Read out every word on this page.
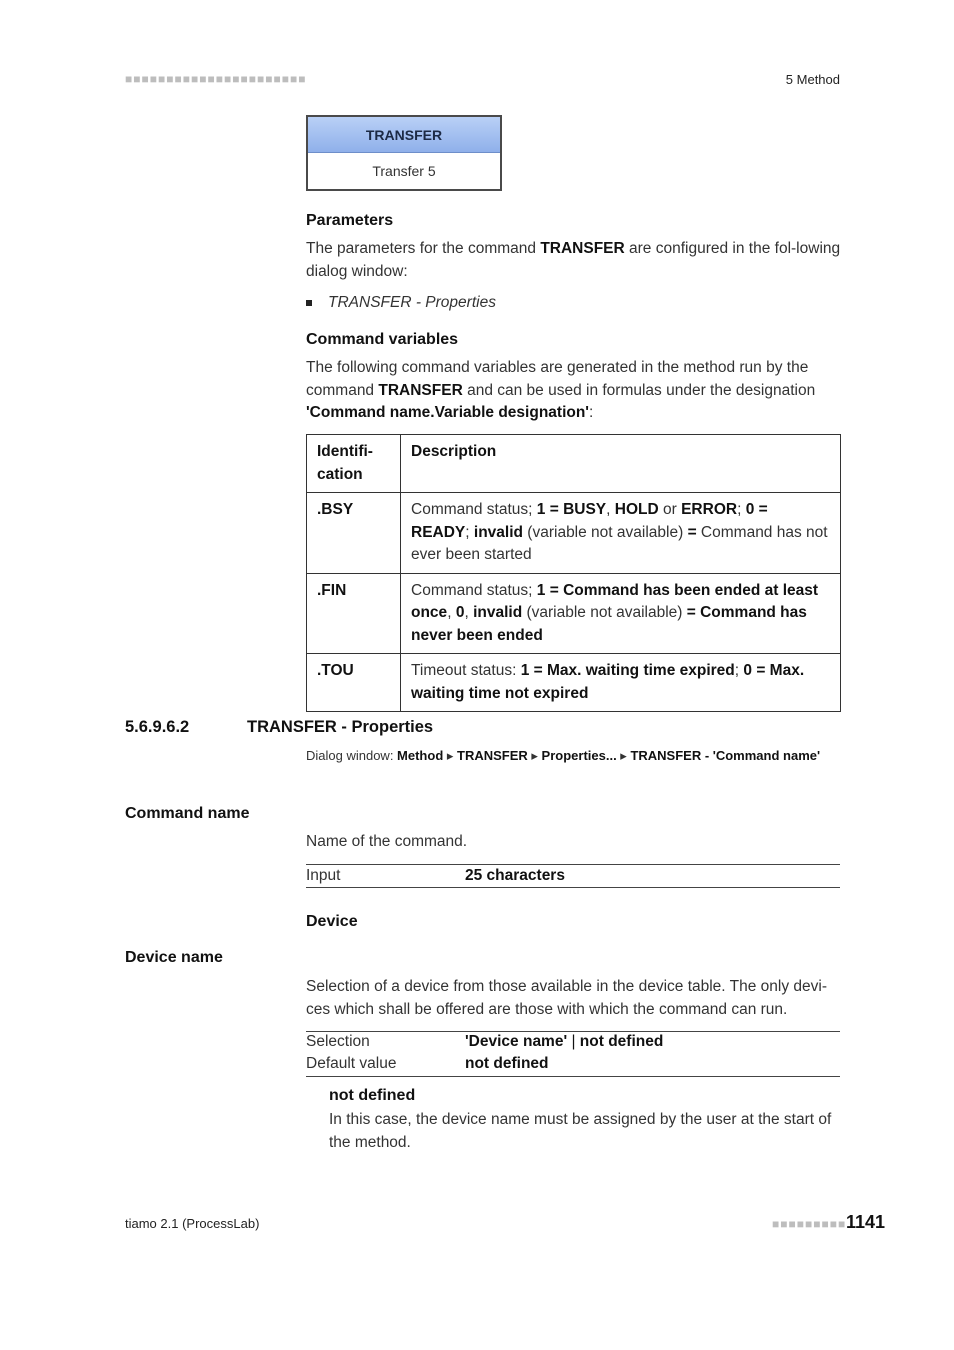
■■■■■■■■■■■■■■■■■■■■■■	5 Method
TRANSFER
Transfer 5
Parameters
The parameters for the command TRANSFER are configured in the fol-lowing dialog window:
TRANSFER - Properties
Command variables
The following command variables are generated in the method run by the command TRANSFER and can be used in formulas under the designation 'Command name.Variable designation':
Identifi-cation	Description
.BSY	Command status; 1 = BUSY, HOLD or ERROR; 0 = READY; invalid (variable not available) = Command has not ever been started
.FIN	Command status; 1 = Command has been ended at least once, 0, invalid (variable not available) = Command has never been ended
.TOU	Timeout status: 1 = Max. waiting time expired; 0 = Max. waiting time not expired
5.6.9.6.2	TRANSFER - Properties
Dialog window: Method ▸ TRANSFER ▸ Properties... ▸ TRANSFER - 'Command name'
Command name
Name of the command.
Input	25 characters
Device
Device name
Selection of a device from those available in the device table. The only devi-ces which shall be offered are those with which the command can run.
Selection	'Device name' | not defined
Default value	not defined
not defined
In this case, the device name must be assigned by the user at the start of the method.
tiamo 2.1 (ProcessLab)	■■■■■■■■■ 1141
